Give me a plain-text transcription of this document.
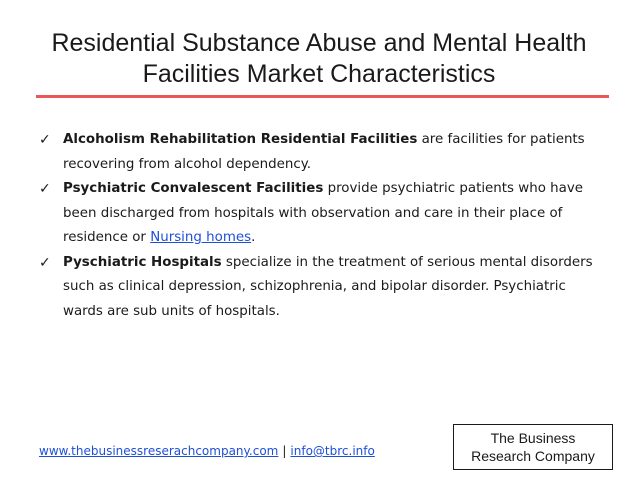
Residential Substance Abuse and Mental Health
Facilities Market Characteristics
✓ Alcoholism Rehabilitation Residential Facilities are facilities for patients recovering from alcohol dependency.
✓ Psychiatric Convalescent Facilities provide psychiatric patients who have been discharged from hospitals with observation and care in their place of residence or Nursing homes.
✓ Pyschiatric Hospitals specialize in the treatment of serious mental disorders such as clinical depression, schizophrenia, and bipolar disorder. Psychiatric wards are sub units of hospitals.
www.thebusinessreserachcompany.com | info@tbrc.info
The Business
Research Company
